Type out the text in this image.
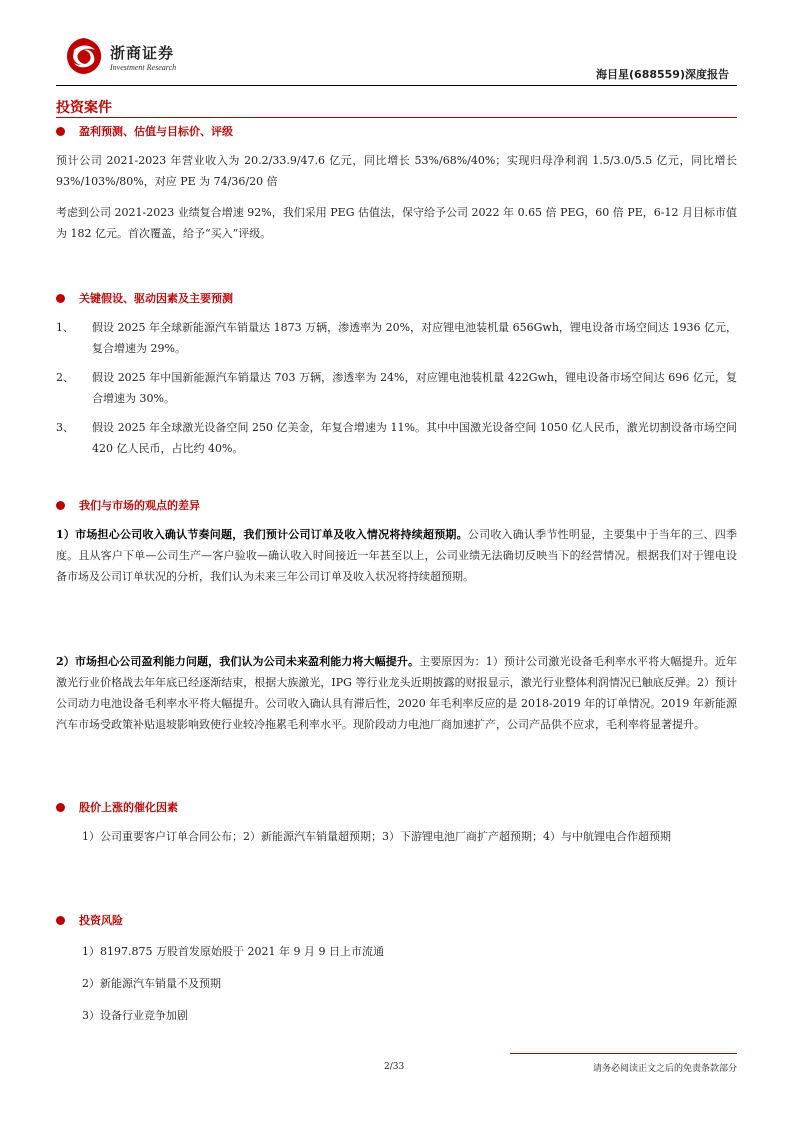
浙商证券
Investment Research
海目星(688559)深度报告
投资案件
盈利预测、估值与目标价、评级
预计公司 2021-2023 年营业收入为 20.2/33.9/47.6 亿元，同比增长 53%/68%/40%；实现归母净利润 1.5/3.0/5.5 亿元，同比增长 93%/103%/80%，对应 PE 为 74/36/20 倍
考虑到公司 2021-2023 业绩复合增速 92%，我们采用 PEG 估值法，保守给予公司 2022 年 0.65 倍 PEG，60 倍 PE，6-12 月目标市值为 182 亿元。首次覆盖，给予“买入”评级。
关键假设、驱动因素及主要预测
1、	假设 2025 年全球新能源汽车销量达 1873 万辆，渗透率为 20%，对应锂电池装机量 656Gwh，锂电设备市场空间达 1936 亿元，复合增速为 29%。
2、	假设 2025 年中国新能源汽车销量达 703 万辆，渗透率为 24%，对应锂电池装机量 422Gwh，锂电设备市场空间达 696 亿元，复合增速为 30%。
3、	假设 2025 年全球激光设备空间 250 亿美金，年复合增速为 11%。其中中国激光设备空间 1050 亿人民币，激光切割设备市场空间 420 亿人民币，占比约 40%。
我们与市场的观点的差异
1）市场担心公司收入确认节奏问题，我们预计公司订单及收入情况将持续超预期。公司收入确认季节性明显，主要集中于当年的三、四季度。且从客户下单—公司生产—客户验收—确认收入时间接近一年甚至以上，公司业绩无法确切反映当下的经营情况。根据我们对于锂电设备市场及公司订单状况的分析，我们认为未来三年公司订单及收入状况将持续超预期。
2）市场担心公司盈利能力问题，我们认为公司未来盈利能力将大幅提升。主要原因为：1）预计公司激光设备毛利率水平将大幅提升。近年激光行业价格战去年年底已经逐渐结束，根据大族激光，IPG 等行业龙头近期披露的财报显示，激光行业整体利润情况已触底反弹。2）预计公司动力电池设备毛利率水平将大幅提升。公司收入确认具有滞后性，2020 年毛利率反应的是 2018-2019 年的订单情况。2019 年新能源汽车市场受政策补贴退坡影响致使行业较冷拖累毛利率水平。现阶段动力电池厂商加速扩产，公司产品供不应求，毛利率将显著提升。
股价上涨的催化因素
1）公司重要客户订单合同公布；2）新能源汽车销量超预期；3）下游锂电池厂商扩产超预期；4）与中航锂电合作超预期
投资风险
1）8197.875 万股首发原始股于 2021 年 9 月 9 日上市流通
2）新能源汽车销量不及预期
3）设备行业竞争加剧
2/33	请务必阅读正文之后的免责条款部分
